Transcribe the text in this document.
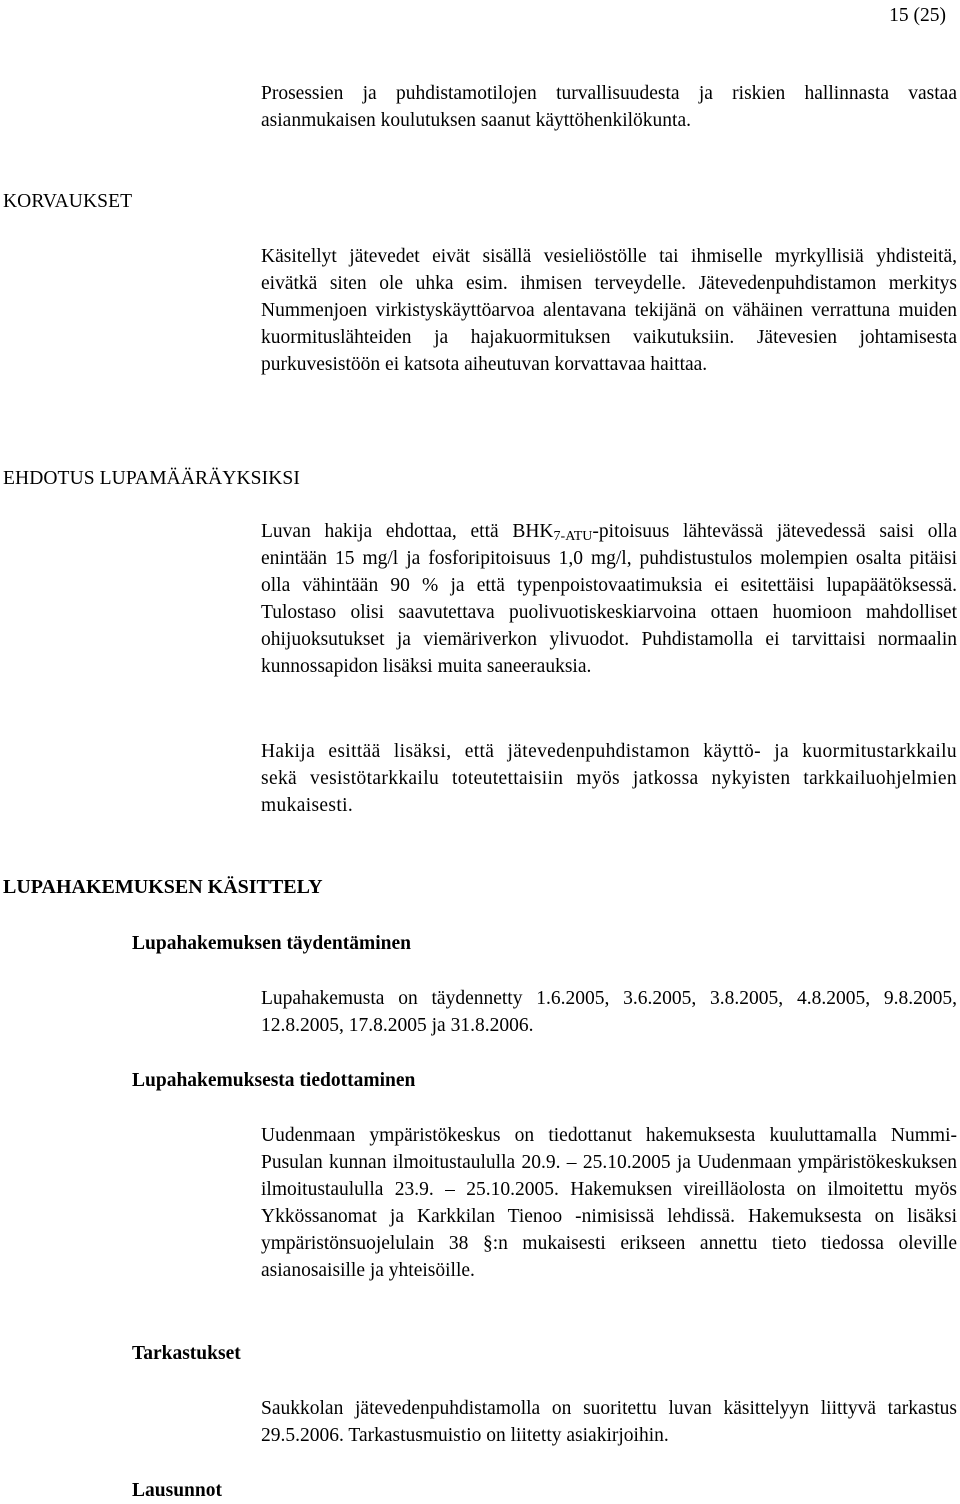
15 (25)

Prosessien ja puhdistamotilojen turvallisuudesta ja riskien hallinnasta vastaa asianmukaisen koulutuksen saanut käyttöhenkilökunta.

KORVAUKSET

Käsitellyt jätevedet eivät sisällä vesieliöstölle tai ihmiselle myrkyllisiä yhdisteitä, eivätkä siten ole uhka esim. ihmisen terveydelle. Jätevedenpuhdistamon merkitys Nummenjoen virkistyskäyttöarvoa alentavana tekijänä on vähäinen verrattuna muiden kuormituslähteiden ja hajakuormituksen vaikutuksiin. Jätevesien johtamisesta purkuvesistöön ei katsota aiheutuvan korvattavaa haittaa.

EHDOTUS LUPAMÄÄRÄYKSIKSI

Luvan hakija ehdottaa, että $BHK_{7-ATU}$-pitoisuus lähtevässä jätevedessä saisi olla enintään 15 mg/l ja fosforipitoisuus 1,0 mg/l, puhdistustulos molempien osalta pitäisi olla vähintään 90 % ja että typenpoistovaatimuksia ei esitettäisi lupapäätöksessä. Tulostaso olisi saavutettava puolivuotiskeskiarvoina ottaen huomioon mahdolliset ohijuoksutukset ja viemäriverkon ylivuodot. Puhdistamolla ei tarvittaisi normaalin kunnossapidon lisäksi muita saneerauksia.

Hakija esittää lisäksi, että jätevedenpuhdistamon käyttö- ja kuormitustarkkailu sekä vesistötarkkailu toteutettaisiin myös jatkossa nykyisten tarkkailuohjelmien mukaisesti.

LUPAHAKEMUKSEN KÄSITTELY
Lupahakemuksen täydentäminen

Lupahakemusta on täydennetty 1.6.2005, 3.6.2005, 3.8.2005, 4.8.2005, 9.8.2005, 12.8.2005, 17.8.2005 ja 31.8.2006.

Lupahakemuksesta tiedottaminen

Uudenmaan ympäristökeskus on tiedottanut hakemuksesta kuuluttamalla Nummi-Pusulan kunnan ilmoitustaululla 20.9. – 25.10.2005 ja Uudenmaan ympäristökeskuksen ilmoitustaululla 23.9. – 25.10.2005. Hakemuksen vireilläolosta on ilmoitettu myös Ykkössanomat ja Karkkilan Tienoo -nimisissä lehdissä. Hakemuksesta on lisäksi ympäristönsuojelulain 38 §:n mukaisesti erikseen annettu tieto tiedossa oleville asianosaisille ja yhteisöille.

Tarkastukset

Saukkolan jätevedenpuhdistamolla on suoritettu luvan käsittelyyn liittyvä tarkastus 29.5.2006. Tarkastusmuistio on liitetty asiakirjoihin.

Lausunnot
